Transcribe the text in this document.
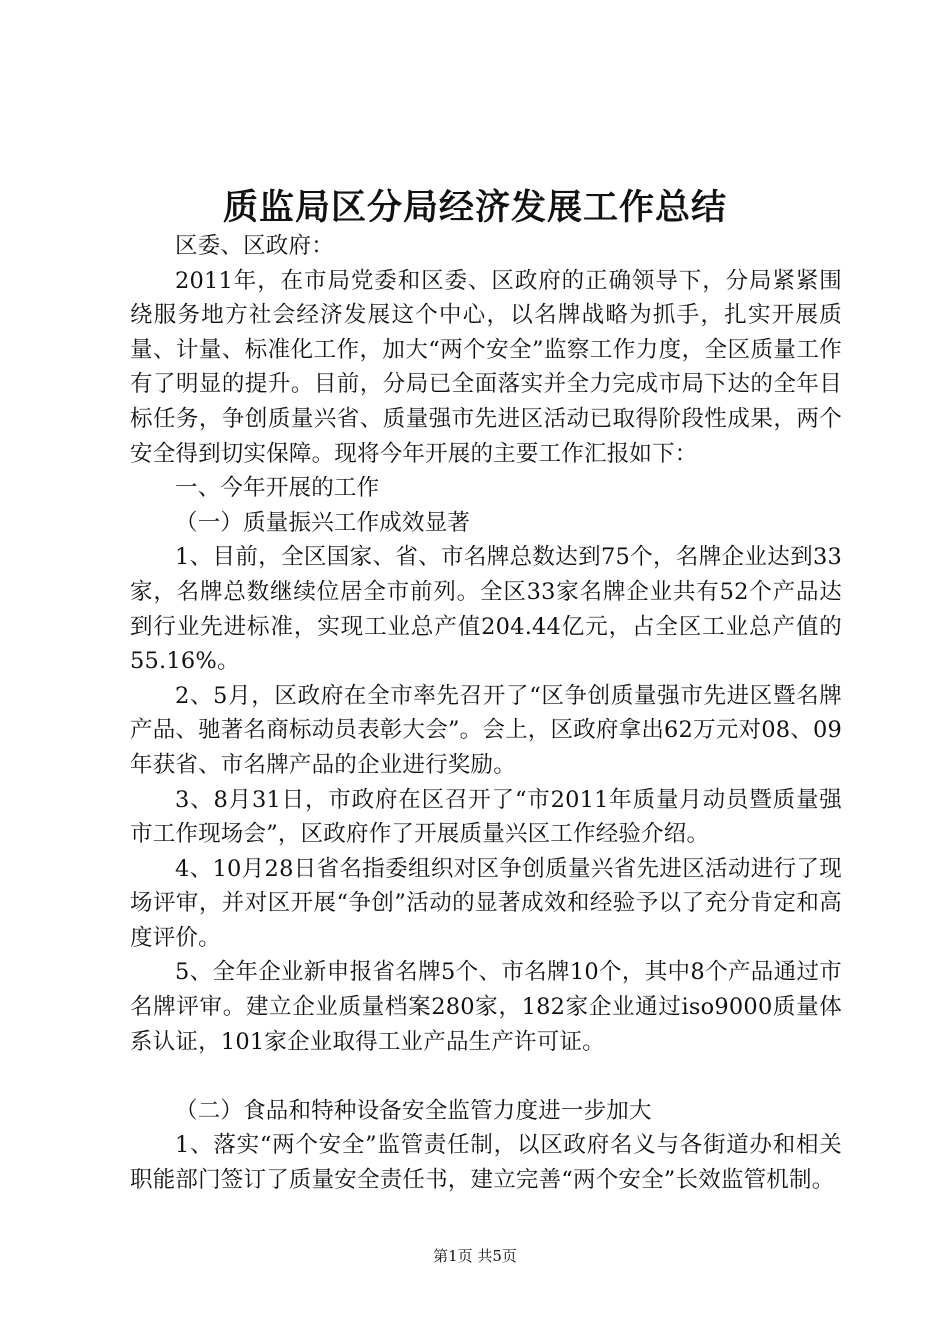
质监局区分局经济发展工作总结

区委、区政府：

2011年，在市局党委和区委、区政府的正确领导下，分局紧紧围绕服务地方社会经济发展这个中心，以名牌战略为抓手，扎实开展质量、计量、标准化工作，加大“两个安全”监察工作力度，全区质量工作有了明显的提升。目前，分局已全面落实并全力完成市局下达的全年目标任务，争创质量兴省、质量强市先进区活动已取得阶段性成果，两个安全得到切实保障。现将今年开展的主要工作汇报如下：

一、今年开展的工作

（一）质量振兴工作成效显著

1、目前，全区国家、省、市名牌总数达到75个，名牌企业达到33家，名牌总数继续位居全市前列。全区33家名牌企业共有52个产品达到行业先进标准，实现工业总产值204.44亿元，占全区工业总产值的55.16%。

2、5月，区政府在全市率先召开了“区争创质量强市先进区暨名牌产品、驰著名商标动员表彰大会”。会上，区政府拿出62万元对08、09年获省、市名牌产品的企业进行奖励。

3、8月31日，市政府在区召开了“市2011年质量月动员暨质量强市工作现场会”，区政府作了开展质量兴区工作经验介绍。

4、10月28日省名指委组织对区争创质量兴省先进区活动进行了现场评审，并对区开展“争创”活动的显著成效和经验予以了充分肯定和高度评价。

5、全年企业新申报省名牌5个、市名牌10个，其中8个产品通过市名牌评审。建立企业质量档案280家，182家企业通过iso9000质量体系认证，101家企业取得工业产品生产许可证。

（二）食品和特种设备安全监管力度进一步加大

1、落实“两个安全”监管责任制，以区政府名义与各街道办和相关职能部门签订了质量安全责任书，建立完善“两个安全”长效监管机制。

第1页 共5页
